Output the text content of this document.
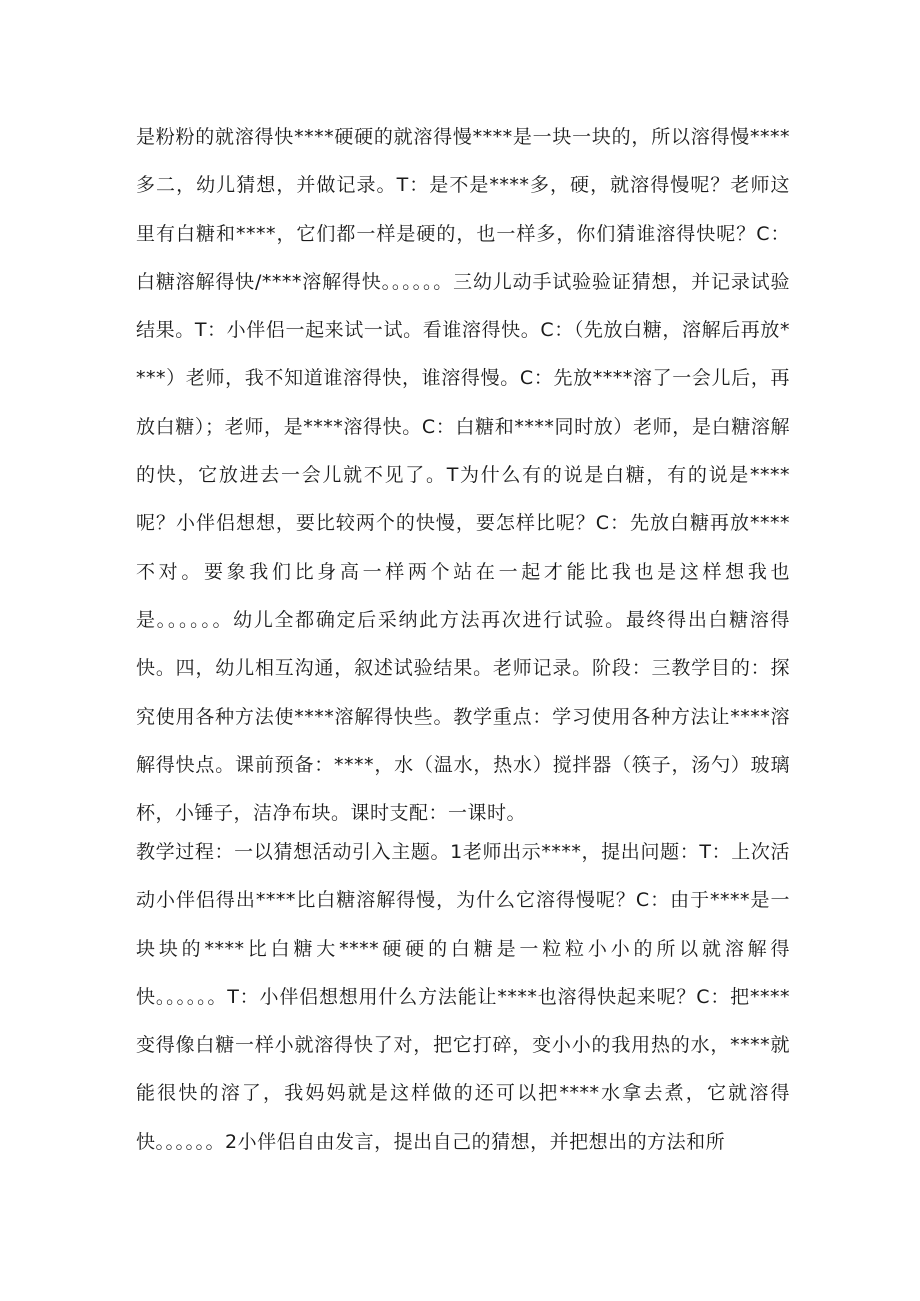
是粉粉的就溶得快****硬硬的就溶得慢****是一块一块的，所以溶得慢****多二，幼儿猜想，并做记录。T：是不是****多，硬，就溶得慢呢？老师这里有白糖和****，它们都一样是硬的，也一样多，你们猜谁溶得快呢？C：白糖溶解得快/****溶解得快。。。。。。三幼儿动手试验验证猜想，并记录试验结果。T：小伴侣一起来试一试。看谁溶得快。C：（先放白糖，溶解后再放****）老师，我不知道谁溶得快，谁溶得慢。C：先放****溶了一会儿后，再放白糖）；老师，是****溶得快。C：白糖和****同时放）老师，是白糖溶解的快，它放进去一会儿就不见了。T为什么有的说是白糖，有的说是****呢？小伴侣想想，要比较两个的快慢，要怎样比呢？C：先放白糖再放****不对。要象我们比身高一样两个站在一起才能比我也是这样想我也是。。。。。。幼儿全都确定后采纳此方法再次进行试验。最终得出白糖溶得快。四，幼儿相互沟通，叙述试验结果。老师记录。阶段：三教学目的：探究使用各种方法使****溶解得快些。教学重点：学习使用各种方法让****溶解得快点。课前预备：****，水（温水，热水）搅拌器（筷子，汤勺）玻璃杯，小锤子，洁净布块。课时支配：一课时。

教学过程：一以猜想活动引入主题。1老师出示****，提出问题：T：上次活动小伴侣得出****比白糖溶解得慢，为什么它溶得慢呢？C：由于****是一块块的****比白糖大****硬硬的白糖是一粒粒小小的所以就溶解得快。。。。。。T：小伴侣想想用什么方法能让****也溶得快起来呢？C：把****变得像白糖一样小就溶得快了对，把它打碎，变小小的我用热的水，****就能很快的溶了，我妈妈就是这样做的还可以把****水拿去煮，它就溶得快。。。。。。2小伴侣自由发言，提出自己的猜想，并把想出的方法和所
